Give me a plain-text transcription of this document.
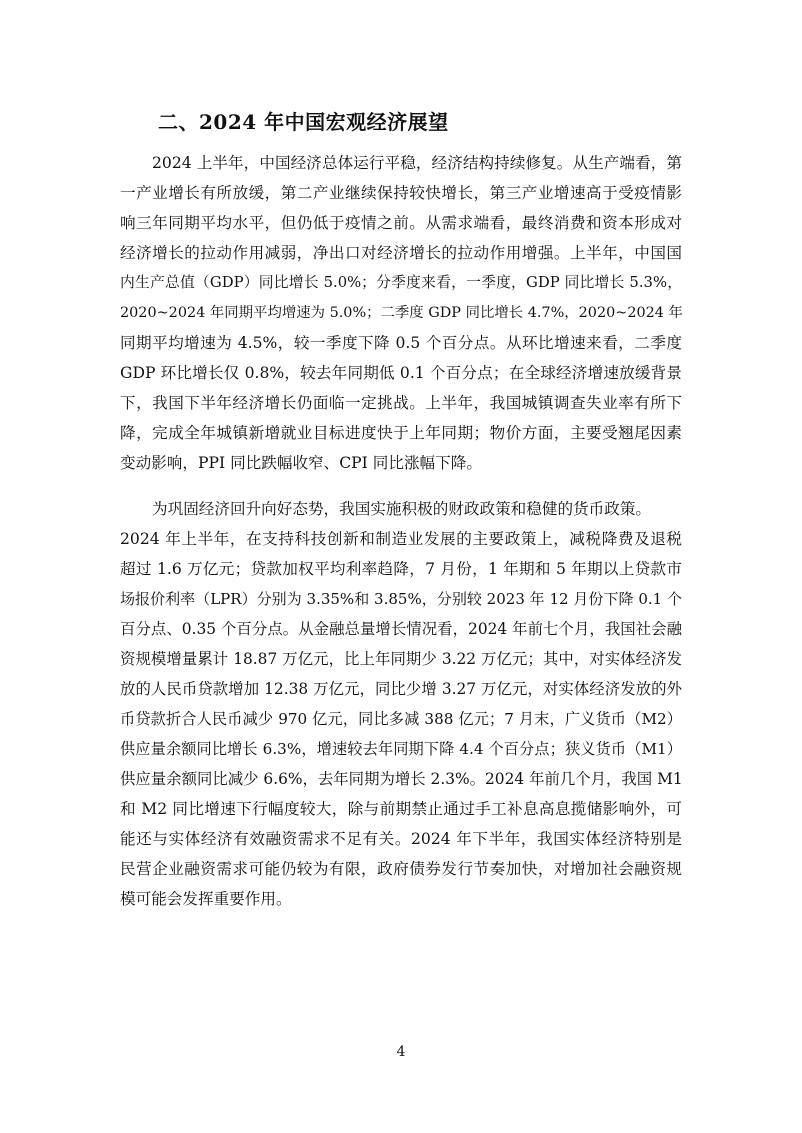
二、2024 年中国宏观经济展望
2024 上半年，中国经济总体运行平稳，经济结构持续修复。从生产端看，第
一产业增长有所放缓，第二产业继续保持较快增长，第三产业增速高于受疫情影
响三年同期平均水平，但仍低于疫情之前。从需求端看，最终消费和资本形成对
经济增长的拉动作用减弱，净出口对经济增长的拉动作用增强。上半年，中国国
内生产总值（GDP）同比增长 5.0%；分季度来看，一季度，GDP 同比增长 5.3%，
2020~2024 年同期平均增速为 5.0%；二季度 GDP 同比增长 4.7%，2020~2024 年
同期平均增速为 4.5%，较一季度下降 0.5 个百分点。从环比增速来看，二季度
GDP 环比增长仅 0.8%，较去年同期低 0.1 个百分点；在全球经济增速放缓背景
下，我国下半年经济增长仍面临一定挑战。上半年，我国城镇调查失业率有所下
降，完成全年城镇新增就业目标进度快于上年同期；物价方面，主要受翘尾因素
变动影响，PPI 同比跌幅收窄、CPI 同比涨幅下降。
为巩固经济回升向好态势，我国实施积极的财政政策和稳健的货币政策。
2024 年上半年，在支持科技创新和制造业发展的主要政策上，减税降费及退税
超过 1.6 万亿元；贷款加权平均利率趋降，7 月份，1 年期和 5 年期以上贷款市
场报价利率（LPR）分别为 3.35%和 3.85%，分别较 2023 年 12 月份下降 0.1 个
百分点、0.35 个百分点。从金融总量增长情况看，2024 年前七个月，我国社会融
资规模增量累计 18.87 万亿元，比上年同期少 3.22 万亿元；其中，对实体经济发
放的人民币贷款增加 12.38 万亿元，同比少增 3.27 万亿元，对实体经济发放的外
币贷款折合人民币减少 970 亿元，同比多减 388 亿元；7 月末，广义货币（M2）
供应量余额同比增长 6.3%，增速较去年同期下降 4.4 个百分点；狭义货币（M1）
供应量余额同比减少 6.6%，去年同期为增长 2.3%。2024 年前几个月，我国 M1
和 M2 同比增速下行幅度较大，除与前期禁止通过手工补息高息揽储影响外，可
能还与实体经济有效融资需求不足有关。2024 年下半年，我国实体经济特别是
民营企业融资需求可能仍较为有限，政府债券发行节奏加快，对增加社会融资规
模可能会发挥重要作用。
4
